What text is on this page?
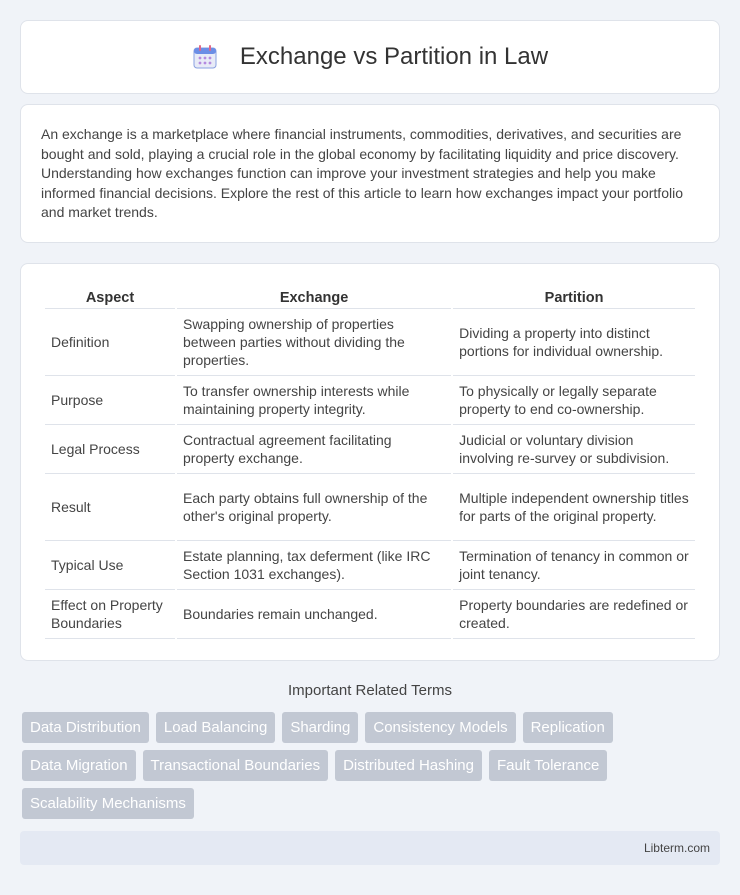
Exchange vs Partition in Law

An exchange is a marketplace where financial instruments, commodities, derivatives, and securities are bought and sold, playing a crucial role in the global economy by facilitating liquidity and price discovery. Understanding how exchanges function can improve your investment strategies and help you make informed financial decisions. Explore the rest of this article to learn how exchanges impact your portfolio and market trends.

Aspect	Exchange	Partition
Definition	Swapping ownership of properties between parties without dividing the properties.	Dividing a property into distinct portions for individual ownership.
Purpose	To transfer ownership interests while maintaining property integrity.	To physically or legally separate property to end co-ownership.
Legal Process	Contractual agreement facilitating property exchange.	Judicial or voluntary division involving re-survey or subdivision.
Result	Each party obtains full ownership of the other's original property.	Multiple independent ownership titles for parts of the original property.
Typical Use	Estate planning, tax deferment (like IRC Section 1031 exchanges).	Termination of tenancy in common or joint tenancy.
Effect on Property Boundaries	Boundaries remain unchanged.	Property boundaries are redefined or created.
Important Related Terms
Data Distribution	Load Balancing	Sharding	Consistency Models	Replication
Data Migration	Transactional Boundaries	Distributed Hashing	Fault Tolerance
Scalability Mechanisms
Libterm.com
